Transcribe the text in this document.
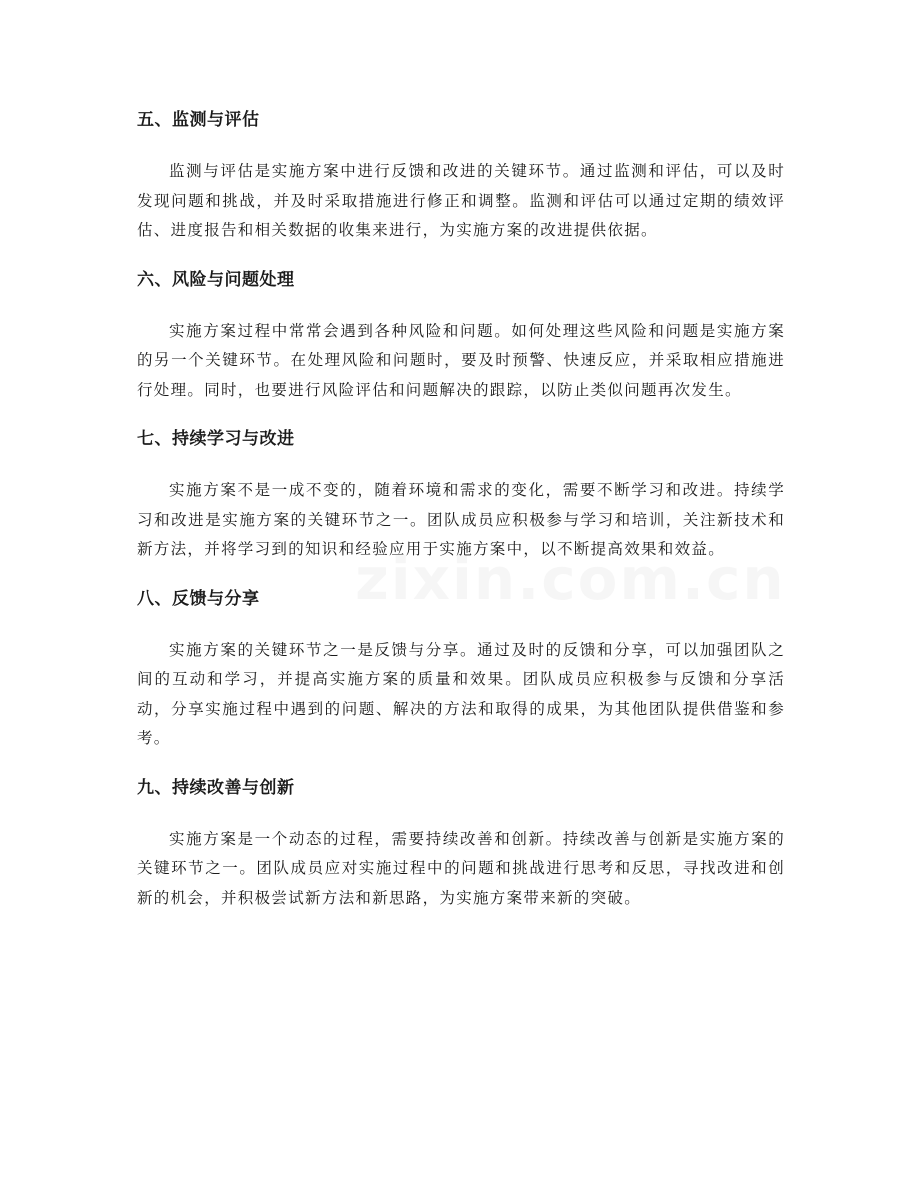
五、监测与评估

监测与评估是实施方案中进行反馈和改进的关键环节。通过监测和评估，可以及时发现问题和挑战，并及时采取措施进行修正和调整。监测和评估可以通过定期的绩效评估、进度报告和相关数据的收集来进行，为实施方案的改进提供依据。

六、风险与问题处理

实施方案过程中常常会遇到各种风险和问题。如何处理这些风险和问题是实施方案的另一个关键环节。在处理风险和问题时，要及时预警、快速反应，并采取相应措施进行处理。同时，也要进行风险评估和问题解决的跟踪，以防止类似问题再次发生。

七、持续学习与改进

实施方案不是一成不变的，随着环境和需求的变化，需要不断学习和改进。持续学习和改进是实施方案的关键环节之一。团队成员应积极参与学习和培训，关注新技术和新方法，并将学习到的知识和经验应用于实施方案中，以不断提高效果和效益。

八、反馈与分享

实施方案的关键环节之一是反馈与分享。通过及时的反馈和分享，可以加强团队之间的互动和学习，并提高实施方案的质量和效果。团队成员应积极参与反馈和分享活动，分享实施过程中遇到的问题、解决的方法和取得的成果，为其他团队提供借鉴和参考。

九、持续改善与创新

实施方案是一个动态的过程，需要持续改善和创新。持续改善与创新是实施方案的关键环节之一。团队成员应对实施过程中的问题和挑战进行思考和反思，寻找改进和创新的机会，并积极尝试新方法和新思路，为实施方案带来新的突破。
